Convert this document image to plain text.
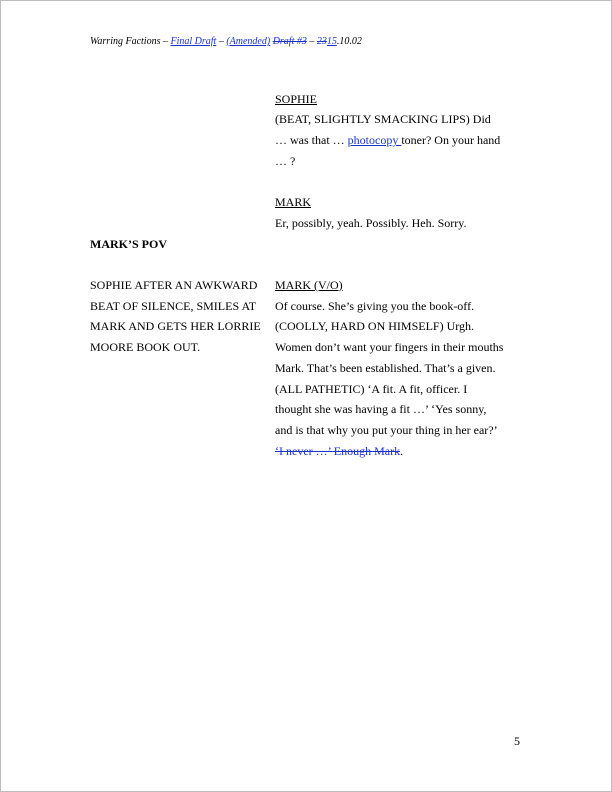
Warring Factions – Final Draft – (Amended) Draft #3 – 2315.10.02
SOPHIE
(BEAT, SLIGHTLY SMACKING LIPS) Did
… was that … photocopy toner? On your hand
… ?
MARK
Er, possibly, yeah. Possibly. Heh. Sorry.
MARK’S POV
SOPHIE AFTER AN AWKWARD
BEAT OF SILENCE, SMILES AT
MARK AND GETS HER LORRIE
MOORE BOOK OUT.
MARK (V/O)
Of course. She’s giving you the book-off.
(COOLLY, HARD ON HIMSELF) Urgh.
Women don’t want your fingers in their mouths
Mark. That’s been established. That’s a given.
(ALL PATHETIC) ‘A fit. A fit, officer. I
thought she was having a fit …’ ‘Yes sonny,
and is that why you put your thing in her ear?’
‘I never …’ Enough Mark.
5
